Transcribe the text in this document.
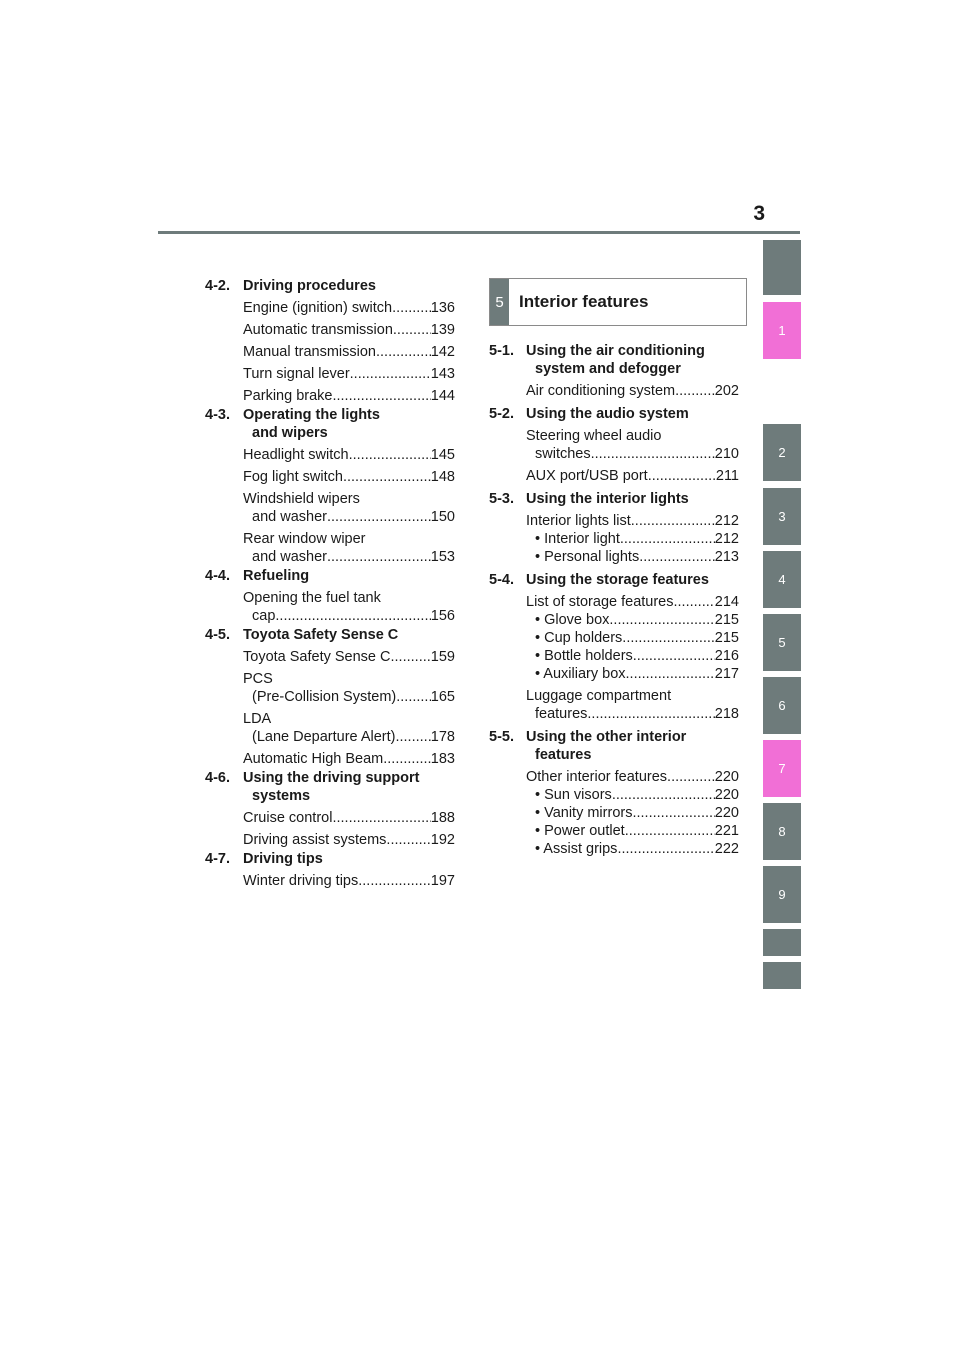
3
4-2. Driving procedures
Engine (ignition) switch .....	136
Automatic transmission .....	139
Manual transmission .....	142
Turn signal lever .....	143
Parking brake .....	144
4-3. Operating the lights
and wipers
Headlight switch .....	145
Fog light switch .....	148
Windshield wipers
and washer .....	150
Rear window wiper
and washer .....	153
4-4. Refueling
Opening the fuel tank
cap .....	156
4-5. Toyota Safety Sense C
Toyota Safety Sense C .....	159
PCS
(Pre-Collision System) ..... 165
LDA
(Lane Departure Alert) ..... 178
Automatic High Beam .....	183
4-6. Using the driving support
systems
Cruise control .....	188
Driving assist systems .....	192
4-7. Driving tips
Winter driving tips .....	197
5 Interior features
5-1. Using the air conditioning
system and defogger
Air conditioning system .....	202
5-2. Using the audio system
Steering wheel audio
switches .....	210
AUX port/USB port .....	211
5-3. Using the interior lights
Interior lights list .....	212
• Interior light .....	212
• Personal lights .....	213
5-4. Using the storage features
List of storage features .....	214
• Glove box .....	215
• Cup holders .....	215
• Bottle holders .....	216
• Auxiliary box .....	217
Luggage compartment
features .....	218
5-5. Using the other interior
features
Other interior features .....	220
• Sun visors .....	220
• Vanity mirrors .....	220
• Power outlet .....	221
• Assist grips .....	222
1
2
3
4
5
6
7
8
9
